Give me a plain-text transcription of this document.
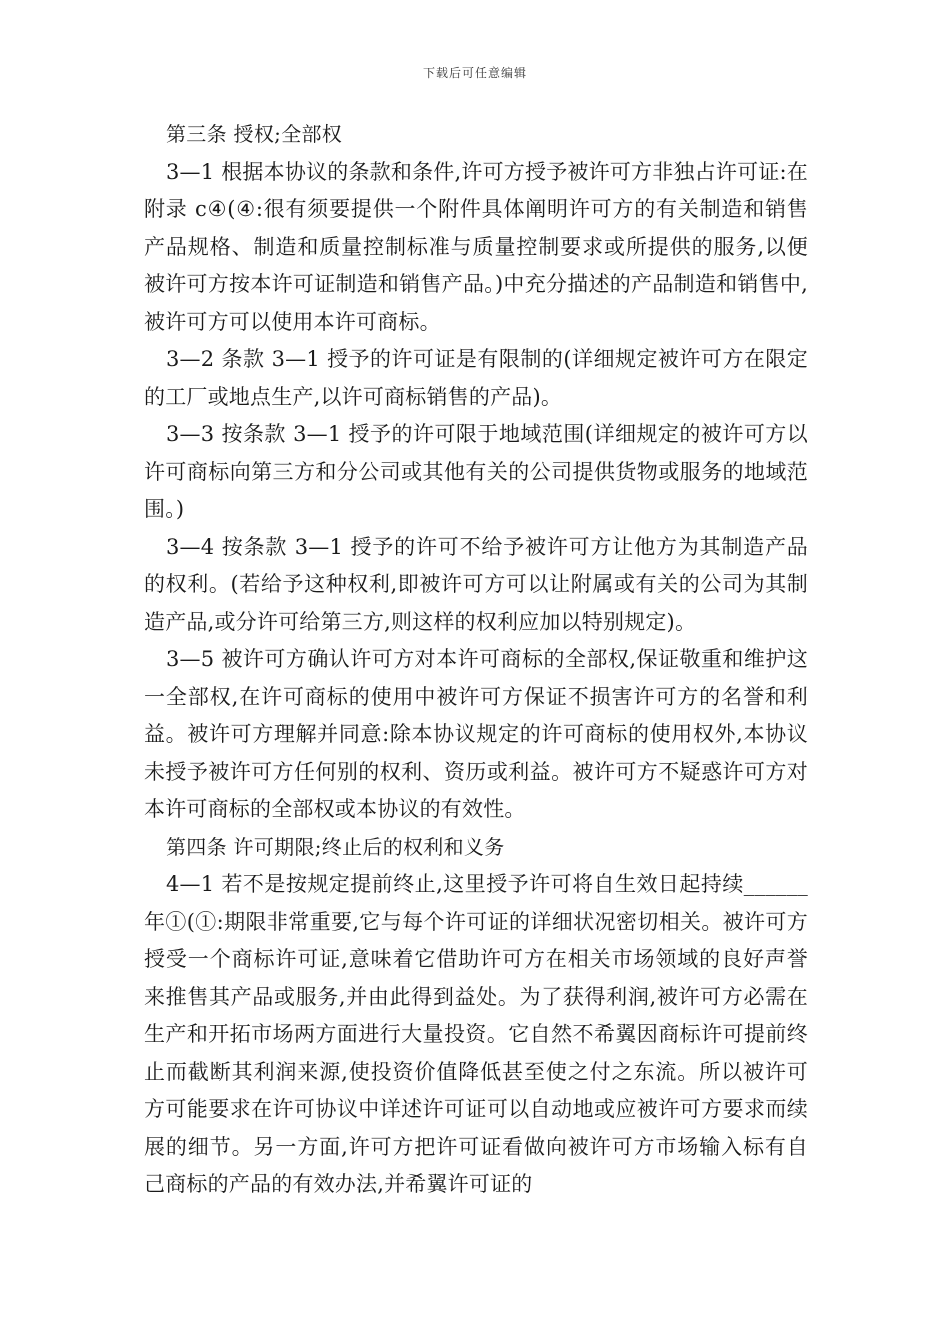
下载后可任意编辑

第三条 授权;全部权

3—1 根据本协议的条款和条件,许可方授予被许可方非独占许可证:在附录 c④(④:很有须要提供一个附件具体阐明许可方的有关制造和销售产品规格、制造和质量控制标准与质量控制要求或所提供的服务,以便被许可方按本许可证制造和销售产品。)中充分描述的产品制造和销售中,被许可方可以使用本许可商标。

3—2 条款 3—1 授予的许可证是有限制的(详细规定被许可方在限定的工厂或地点生产,以许可商标销售的产品)。

3—3 按条款 3—1 授予的许可限于地域范围(详细规定的被许可方以许可商标向第三方和分公司或其他有关的公司提供货物或服务的地域范围。)

3—4 按条款 3—1 授予的许可不给予被许可方让他方为其制造产品的权利。(若给予这种权利,即被许可方可以让附属或有关的公司为其制造产品,或分许可给第三方,则这样的权利应加以特别规定)。

3—5 被许可方确认许可方对本许可商标的全部权,保证敬重和维护这一全部权,在许可商标的使用中被许可方保证不损害许可方的名誉和利益。被许可方理解并同意:除本协议规定的许可商标的使用权外,本协议未授予被许可方任何别的权利、资历或利益。被许可方不疑惑许可方对本许可商标的全部权或本协议的有效性。

第四条 许可期限;终止后的权利和义务

4—1 若不是按规定提前终止,这里授予许可将自生效日起持续______年①(①:期限非常重要,它与每个许可证的详细状况密切相关。被许可方授受一个商标许可证,意味着它借助许可方在相关市场领域的良好声誉来推售其产品或服务,并由此得到益处。为了获得利润,被许可方必需在生产和开拓市场两方面进行大量投资。它自然不希翼因商标许可提前终止而截断其利润来源,使投资价值降低甚至使之付之东流。所以被许可方可能要求在许可协议中详述许可证可以自动地或应被许可方要求而续展的细节。另一方面,许可方把许可证看做向被许可方市场输入标有自己商标的产品的有效办法,并希翼许可证的
